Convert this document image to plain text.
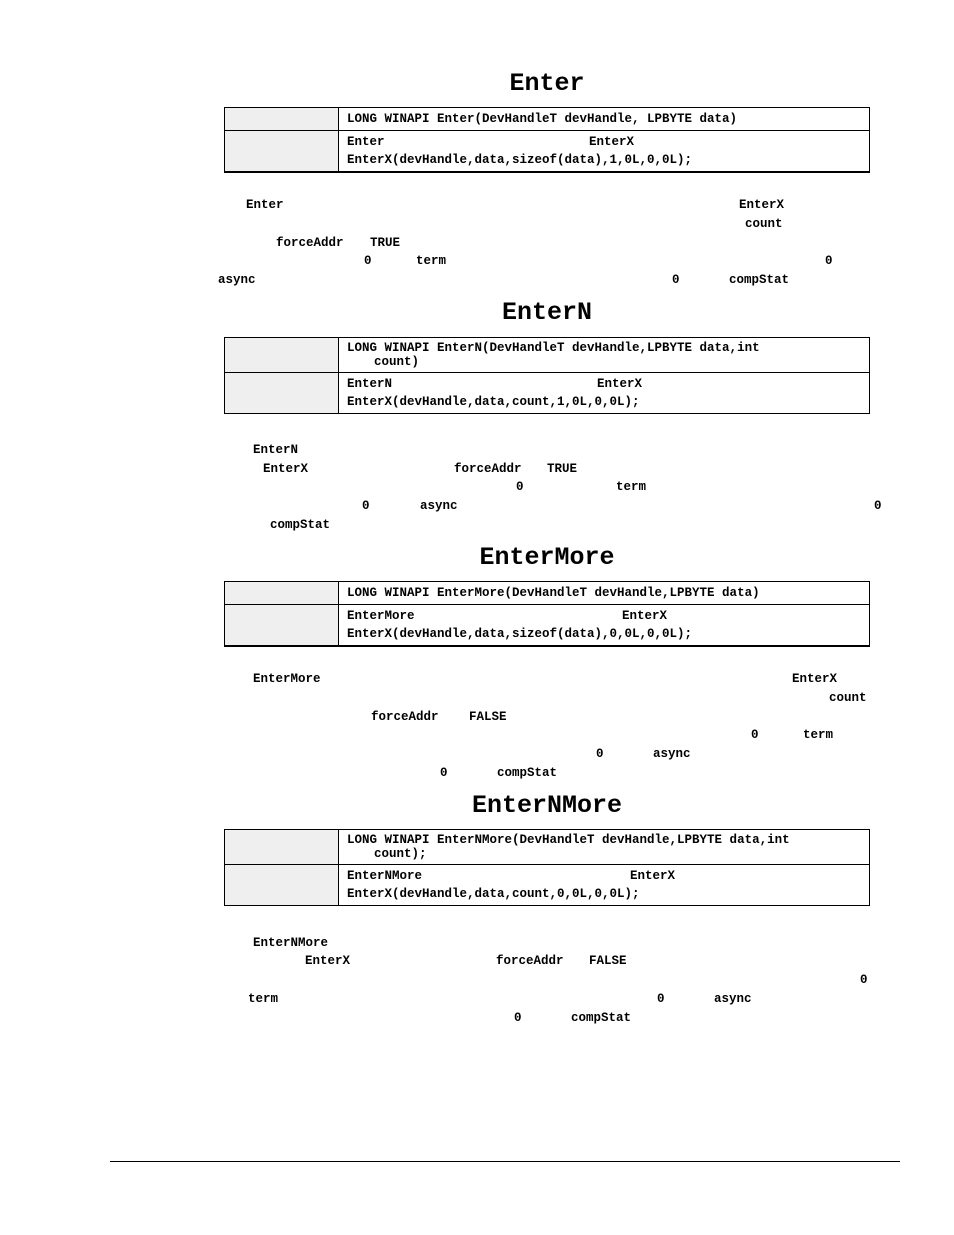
Enter
	LONG WINAPI Enter(DevHandleT devHandle, LPBYTE data)

	Enter EnterX
EnterX(devHandle,data,sizeof(data),1,0L,0,0L);
Enter	EnterX
count
forceAddr TRUE
0	term	0
async	0	compStat
EnterN
	LONG WINAPI EnterN(DevHandleT devHandle,LPBYTE data,int
count)

	EnterN EnterX
EnterX(devHandle,data,count,1,0L,0,0L);
EnterN
EnterX	forceAddr TRUE
0	term
0	async	0
compStat
EnterMore
	LONG WINAPI EnterMore(DevHandleT devHandle,LPBYTE data)

	EnterMore EnterX
EnterX(devHandle,data,sizeof(data),0,0L,0,0L);
EnterMore	EnterX
count
forceAddr FALSE
0	term
0	async
0	compStat
EnterNMore
	LONG WINAPI EnterNMore(DevHandleT devHandle,LPBYTE data,int
count);

	EnterNMore EnterX
EnterX(devHandle,data,count,0,0L,0,0L);
EnterNMore
EnterX	forceAddr FALSE
0
term	0	async
0	compStat
